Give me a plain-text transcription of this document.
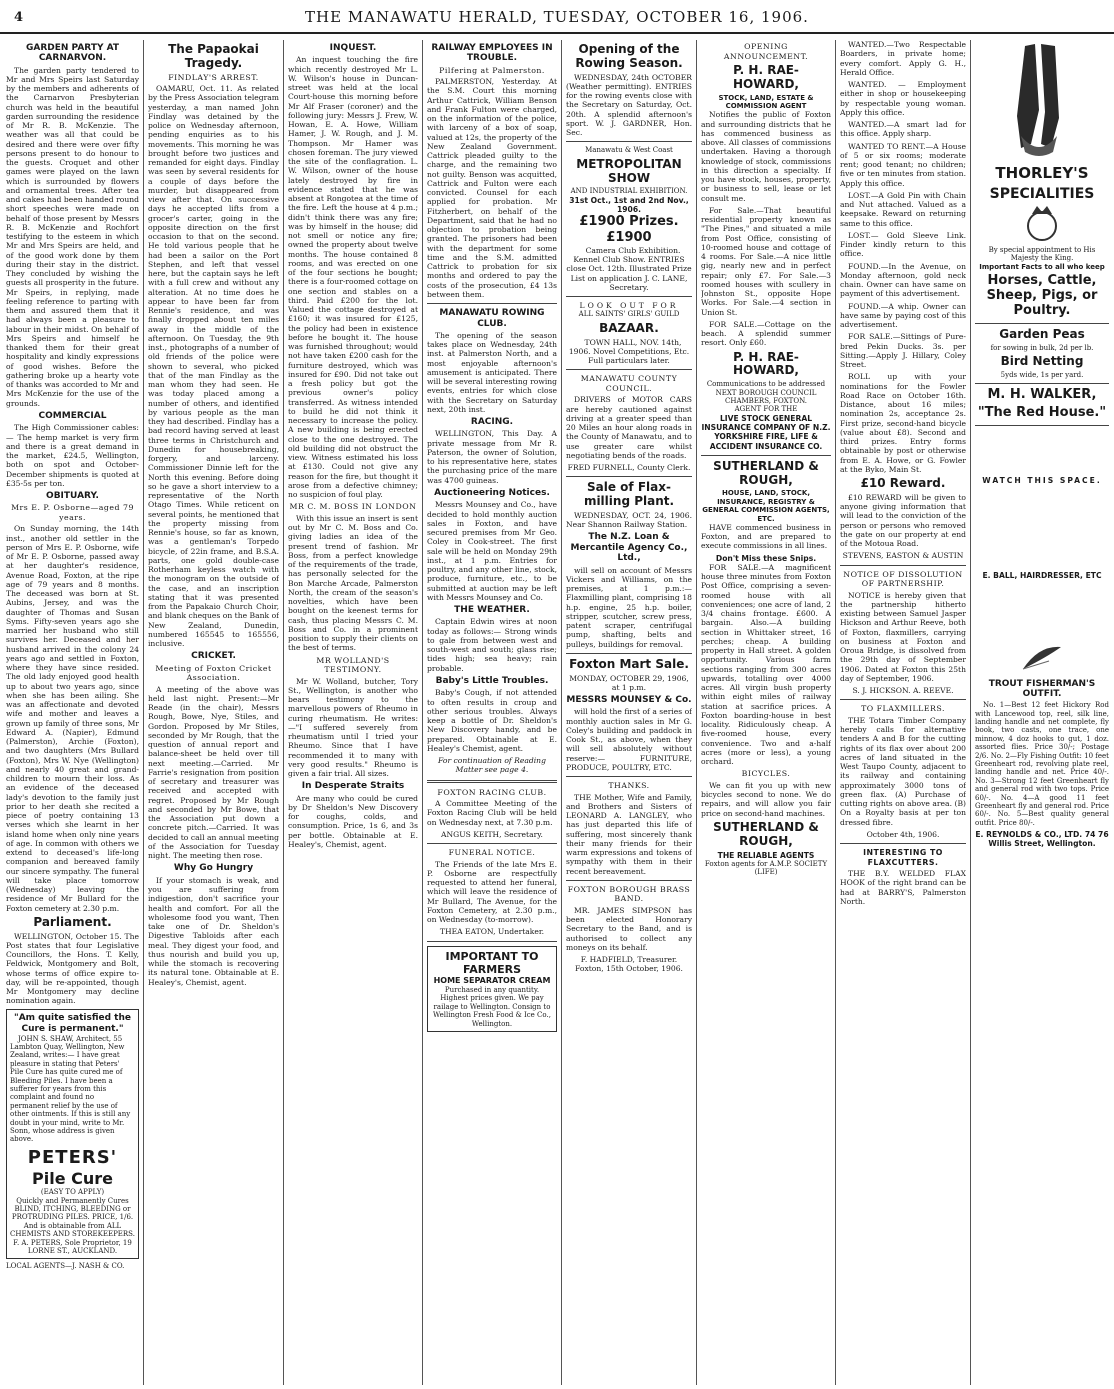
4	THE MANAWATU HERALD, TUESDAY, OCTOBER 16, 1906.
GARDEN PARTY AT CARNARVON.

The garden party tendered to Mr and Mrs Speirs last Saturday by the members and adherents of the Carnarvon Presbyterian church was held in the beautiful garden surrounding the residence of Mr R. B. McKenzie. The weather was all that could be desired and there were over fifty persons present to do honour to the guests. Croquet and other games were played on the lawn which is surrounded by flowers and ornamental trees. After tea and cakes had been handed round short speeches were made on behalf of those present by Messrs R. B. McKenzie and Rochfort testifying to the esteem in which Mr and Mrs Speirs are held, and of the good work done by them during their stay in the district. They concluded by wishing the guests all prosperity in the future. Mr Speirs, in replying, made feeling reference to parting with them and assured them that it had always been a pleasure to labour in their midst. On behalf of Mrs Speirs and himself he thanked them for their great hospitality and kindly expressions of good wishes. Before the gathering broke up a hearty vote of thanks was accorded to Mr and Mrs McKenzie for the use of the grounds.

COMMERCIAL

The High Commissioner cables:— The hemp market is very firm and there is a great demand in the market, £24.5, Wellington, both on spot and October-December shipments is quoted at £35-5s per ton.

OBITUARY.
Mrs E. P. Osborne—aged 79 years.

On Sunday morning, the 14th inst., another old settler in the person of Mrs E. P. Osborne, wife of Mr E. P. Osborne, passed away at her daughter's residence, Avenue Road, Foxton, at the ripe age of 79 years and 8 months. The deceased was born at St. Aubins, Jersey, and was the daughter of Thomas and Susan Syms. Fifty-seven years ago she married her husband who still survives her. Deceased and her husband arrived in the colony 24 years ago and settled in Foxton, where they have since resided. The old lady enjoyed good health up to about two years ago, since when she has been ailing. She was an affectionate and devoted wife and mother and leaves a grown up family of three sons, Mr Edward A. (Napier), Edmund (Palmerston), Archie (Foxton), and two daughters (Mrs Bullard (Foxton), Mrs W. Nye (Wellington) and nearly 40 great and grand-children to mourn their loss. As an evidence of the deceased lady's devotion to the family just prior to her death she recited a piece of poetry containing 13 verses which she learnt in her island home when only nine years of age. In common with others we extend to deceased's life-long companion and bereaved family our sincere sympathy. The funeral will take place tomorrow (Wednesday) leaving the residence of Mr Bullard for the Foxton cemetery at 2.30 p.m.

Parliament.

WELLINGTON, October 15. The Post states that four Legislative Councillors, the Hons. T. Kelly, Feldwick, Montgomery and Bolt, whose terms of office expire to-day, will be re-appointed, though Mr Montgomery may decline nomination again.

"Am quite satisfied the Cure is permanent."

JOHN S. SHAW, Architect, 55 Lambton Quay, Wellington, New Zealand, writes:— I have great pleasure in stating that Peters' Pile Cure has quite cured me of Bleeding Piles. I have been a sufferer for years from this complaint and found no permanent relief by the use of other ointments. If this is still any doubt in your mind, write to Mr. Sonn, whose address is given above.

PETERS'
Pile Cure
(EASY TO APPLY)
Quickly and Permanently Cures BLIND, ITCHING, BLEEDING or PROTRUDING PILES. PRICE, 1/6. And is obtainable from ALL CHEMISTS AND STOREKEEPERS. F. A. PETERS, Sole Proprietor, 19 LORNE ST., AUCKLAND.
LOCAL AGENTS—J. NASH & CO.
The Papaokai Tragedy.
FINDLAY'S ARREST.

OAMARU, Oct. 11. As related by the Press Association telegram yesterday, a man named John Findlay was detained by the police on Wednesday afternoon, pending enquiries as to his movements. This morning he was brought before two justices and remanded for eight days. Findlay was seen by several residents for a couple of days before the murder, but disappeared from view after that. On successive days he accepted lifts from a grocer's carter, going in the opposite direction on the first occasion to that on the second. He told various people that he had been a sailor on the Port Stephen, and left that vessel here, but the captain says he left with a full crew and without any alteration. At no time does he appear to have been far from Rennie's residence, and was finally dropped about ten miles away in the middle of the afternoon. On Tuesday, the 9th inst., photographs of a number of old friends of the police were shown to several, who picked that of the man Findlay as the man whom they had seen. He was today placed among a number of others, and identified by various people as the man they had described. Findlay has a bad record having served at least three terms in Christchurch and Dunedin for housebreaking, forgery, and larceny. Commissioner Dinnie left for the North this evening. Before doing so he gave a short interview to a representative of the North Otago Times. While reticent on several points, he mentioned that the property missing from Rennie's house, so far as known, was a gentleman's Torpedo bicycle, of 22in frame, and B.S.A. parts, one gold double-case Rotherham keyless watch with the monogram on the outside of the case, and an inscription stating that it was presented from the Papakaio Church Choir, and blank cheques on the Bank of New Zealand, Dunedin, numbered 165545 to 165556, inclusive.

CRICKET.
Meeting of Foxton Cricket Association.

A meeting of the above was held last night. Present:—Mr Reade (in the chair), Messrs Rough, Bowe, Nye, Stiles, and Gordon. Proposed by Mr Stiles, seconded by Mr Rough, that the question of annual report and balance-sheet be held over till next meeting.—Carried. Mr Farrie's resignation from position of secretary and treasurer was received and accepted with regret. Proposed by Mr Rough and seconded by Mr Bowe, that the Association put down a concrete pitch.—Carried. It was decided to call an annual meeting of the Association for Tuesday night. The meeting then rose.

Why Go Hungry

If your stomach is weak, and you are suffering from indigestion, don't sacrifice your health and comfort. For all the wholesome food you want, Then take one of Dr. Sheldon's Digestive Tabloids after each meal. They digest your food, and thus nourish and build you up, while the stomach is recovering its natural tone. Obtainable at E. Healey's, Chemist, agent.

INQUEST.

An inquest touching the fire which recently destroyed Mr L. W. Wilson's house in Duncan-street was held at the local Court-house this morning before Mr Alf Fraser (coroner) and the following jury: Messrs J. Frew, W. Howan, E. A. Howe, William Hamer, J. W. Rough, and J. M. Thompson. Mr Hamer was chosen foreman. The jury viewed the site of the conflagration. L. W. Wilson, owner of the house lately destroyed by fire in evidence stated that he was absent at Rongotea at the time of the fire. Left the house at 4 p.m.; didn't think there was any fire; was by himself in the house; did not smell or notice any fire; owned the property about twelve months. The house contained 8 rooms, and was erected on one of the four sections he bought; there is a four-roomed cottage on one section and stables on a third. Paid £200 for the lot. Valued the cottage destroyed at £160; it was insured for £125, the policy had been in existence before he bought it. The house was furnished throughout; would not have taken £200 cash for the furniture destroyed, which was insured for £90. Did not take out a fresh policy but got the previous owner's policy transferred. As witness intended to build he did not think it necessary to increase the policy. A new building is being erected close to the one destroyed. The old building did not obstruct the view. Witness estimated his loss at £130. Could not give any reason for the fire, but thought it arose from a defective chimney; no suspicion of foul play.

MR C. M. BOSS IN LONDON

With this issue an insert is sent out by Mr C. M. Boss and Co. giving ladies an idea of the present trend of fashion. Mr Boss, from a perfect knowledge of the requirements of the trade, has personally selected for the Bon Marche Arcade, Palmerston North, the cream of the season's novelties, which have been bought on the keenest terms for cash, thus placing Messrs C. M. Boss and Co. in a prominent position to supply their clients on the best of terms.

MR WOLLAND'S TESTIMONY.

Mr W. Wolland, butcher, Tory St., Wellington, is another who bears testimony to the marvellous powers of Rheumo in curing rheumatism. He writes:—"I suffered severely from rheumatism until I tried your Rheumo. Since that I have recommended it to many with very good results." Rheumo is given a fair trial. All sizes.

In Desperate Straits

Are many who could be cured by Dr Sheldon's New Discovery for coughs, colds, and consumption. Price, 1s 6, and 3s per bottle. Obtainable at E. Healey's, Chemist, agent.

RAILWAY EMPLOYEES IN TROUBLE.
Pilfering at Palmerston.

PALMERSTON, Yesterday. At the S.M. Court this morning Arthur Cattrick, William Benson and Frank Fulton were charged, on the information of the police, with larceny of a box of soap, valued at 12s, the property of the New Zealand Government. Cattrick pleaded guilty to the charge, and the remaining two not guilty. Benson was acquitted, Cattrick and Fulton were each convicted. Counsel for each applied for probation. Mr Fitzherbert, on behalf of the Department, said that he had no objection to probation being granted. The prisoners had been with the department for some time and the S.M. admitted Cattrick to probation for six months and ordered to pay the costs of the prosecution, £4 13s between them.

MANAWATU ROWING CLUB.

The opening of the season takes place on Wednesday, 24th inst. at Palmerston North, and a most enjoyable afternoon's amusement is anticipated. There will be several interesting rowing events, entries for which close with the Secretary on Saturday next, 20th inst.

RACING.

WELLINGTON, This Day. A private message from Mr R. Paterson, the owner of Solution, to his representative here, states the purchasing price of the mare was 4700 guineas.

Auctioneering Notices.

Messrs Mounsey and Co., have decided to hold monthly auction sales in Foxton, and have secured premises from Mr Geo. Coley in Cook-street. The first sale will be held on Monday 29th inst., at 1 p.m. Entries for poultry, and any other line, stock, produce, furniture, etc., to be submitted at auction may be left with Messrs Mounsey and Co.

THE WEATHER.

Captain Edwin wires at noon today as follows:— Strong winds to gale from between west and south-west and south; glass rise; tides high; sea heavy; rain probable.

Baby's Little Troubles.

Baby's Cough, if not attended to often results in croup and other serious troubles. Always keep a bottle of Dr. Sheldon's New Discovery handy, and be prepared. Obtainable at E. Healey's Chemist, agent.

For continuation of Reading Matter see page 4.
FOXTON RACING CLUB.

A Committee Meeting of the Foxton Racing Club will be held on Wednesday next, at 7.30 p.m.

ANGUS KEITH, Secretary.
FUNERAL NOTICE.

The Friends of the late Mrs E. P. Osborne are respectfully requested to attend her funeral, which will leave the residence of Mr Bullard, The Avenue, for the Foxton Cemetery, at 2.30 p.m., on Wednesday (to-morrow).

THEA EATON, Undertaker.
IMPORTANT TO FARMERS
HOME SEPARATOR CREAM
Purchased in any quantity. Highest prices given. We pay railage to Wellington. Consign to Wellington Fresh Food & Ice Co., Wellington.
Opening of the Rowing Season.

WEDNESDAY, 24th OCTOBER (Weather permitting). ENTRIES for the rowing events close with the Secretary on Saturday, Oct. 20th. A splendid afternoon's sport. W. J. GARDNER, Hon. Sec.

Manawatu & West Coast
METROPOLITAN SHOW
AND INDUSTRIAL EXHIBITION.
31st Oct., 1st and 2nd Nov., 1906.
£1900 Prizes. £1900

Camera Club Exhibition. Kennel Club Show. ENTRIES close Oct. 12th. Illustrated Prize List on application J. C. LANE, Secretary.

LOOK OUT FOR
ALL SAINTS' GIRLS' GUILD
BAZAAR.

TOWN HALL, NOV. 14th, 1906. Novel Competitions, Etc. Full particulars later.

MANAWATU COUNTY COUNCIL.

DRIVERS of MOTOR CARS are hereby cautioned against driving at a greater speed than 20 Miles an hour along roads in the County of Manawatu, and to use greater care whilst negotiating bends of the roads.

FRED FURNELL, County Clerk.
Sale of Flax-milling Plant.

WEDNESDAY, OCT. 24, 1906. Near Shannon Railway Station.

The N.Z. Loan & Mercantile Agency Co., Ltd.,

will sell on account of Messrs Vickers and Williams, on the premises, at 1 p.m.:— Flaxmilling plant, comprising 18 h.p. engine, 25 h.p. boiler, stripper, scutcher, screw press, patent scraper, centrifugal pump, shafting, belts and pulleys, buildings for removal.

Foxton Mart Sale.
MONDAY, OCTOBER 29, 1906, at 1 p.m.
MESSRS MOUNSEY & Co.

will hold the first of a series of monthly auction sales in Mr G. Coley's building and paddock in Cook St., as above, when they will sell absolutely without reserve:— FURNITURE, PRODUCE, POULTRY, ETC.

THANKS.

THE Mother, Wife and Family, and Brothers and Sisters of LEONARD A. LANGLEY, who has just departed this life of suffering, most sincerely thank their many friends for their warm expressions and tokens of sympathy with them in their recent bereavement.

FOXTON BOROUGH BRASS BAND.

MR. JAMES SIMPSON has been elected Honorary Secretary to the Band, and is authorised to collect any moneys on its behalf.

F. HADFIELD, Treasurer. Foxton, 15th October, 1906.
OPENING ANNOUNCEMENT.
P. H. RAE-HOWARD,
STOCK, LAND, ESTATE & COMMISSION AGENT

Notifies the public of Foxton and surrounding districts that he has commenced business as above. All classes of commissions undertaken. Having a thorough knowledge of stock, commissions in this direction a specialty. If you have stock, houses, property, or business to sell, lease or let consult me.

For Sale.—That beautiful residential property known as "The Pines," and situated a mile from Post Office, consisting of 10-roomed house and cottage of 4 rooms. For Sale.—A nice little gig, nearly new and in perfect repair; only £7. For Sale.—3 roomed houses with scullery in Johnston St., opposite Hope Works. For Sale.—4 section in Union St.

FOR SALE.—Cottage on the beach. A splendid summer resort. Only £60.

P. H. RAE-HOWARD,
Communications to be addressed NEXT BOROUGH COUNCIL CHAMBERS, FOXTON.
AGENT FOR THE
LIVE STOCK GENERAL INSURANCE COMPANY OF N.Z.
YORKSHIRE FIRE, LIFE & ACCIDENT INSURANCE CO.
SUTHERLAND & ROUGH,
HOUSE, LAND, STOCK, INSURANCE, REGISTRY & GENERAL COMMISSION AGENTS, ETC.

HAVE commenced business in Foxton, and are prepared to execute commissions in all lines.

Don't Miss these Snips.

FOR SALE.—A magnificent house three minutes from Foxton Post Office, comprising a seven-roomed house with all conveniences; one acre of land, 2 3/4 chains frontage. £600. A bargain. Also.—A building section in Whittaker street, 16 perches; cheap. A building property in Hall street. A golden opportunity. Various farm sections ranging from 300 acres upwards, totalling over 4000 acres. All virgin bush property within eight miles of railway station at sacrifice prices. A Foxton boarding-house in best locality. Ridiculously cheap. A five-roomed house, every convenience. Two and a-half acres (more or less), a young orchard.

BICYCLES.

We can fit you up with new bicycles second to none. We do repairs, and will allow you fair price on second-hand machines.

SUTHERLAND & ROUGH,
THE RELIABLE AGENTS
Foxton agents for A.M.P. SOCIETY (LIFE)

WANTED.—Two Respectable Boarders, in private home; every comfort. Apply G. H., Herald Office.

WANTED. — Employment either in shop or housekeeping by respectable young woman. Apply this office.

WANTED.—A smart lad for this office. Apply sharp.

WANTED TO RENT.—A House of 5 or six rooms; moderate rent; good tenant; no children; five or ten minutes from station. Apply this office.

LOST.—A Gold Pin with Chain and Nut attached. Valued as a keepsake. Reward on returning same to this office.

LOST.— Gold Sleeve Link. Finder kindly return to this office.

FOUND.—In the Avenue, on Monday afternoon, gold neck chain. Owner can have same on payment of this advertisement.

FOUND.—A whip. Owner can have same by paying cost of this advertisement.

FOR SALE.—Sittings of Pure-bred Pekin Ducks. 3s. per Sitting.—Apply J. Hillary, Coley Street.

ROLL up with your nominations for the Fowler Road Race on October 16th. Distance, about 16 miles; nomination 2s, acceptance 2s. First prize, second-hand bicycle (value about £8). Second and third prizes. Entry forms obtainable by post or otherwise from E. A. Howe, or G. Fowler at the Byko, Main St.

£10 Reward.

£10 REWARD will be given to anyone giving information that will lead to the conviction of the person or persons who removed the gate on our property at end of the Motoua Road.

STEVENS, EASTON & AUSTIN
NOTICE OF DISSOLUTION OF PARTNERSHIP.

NOTICE is hereby given that the partnership hitherto existing between Samuel Jasper Hickson and Arthur Reeve, both of Foxton, flaxmillers, carrying on business at Foxton and Oroua Bridge, is dissolved from the 29th day of September 1906. Dated at Foxton this 25th day of September, 1906.

S. J. HICKSON. A. REEVE.
TO FLAXMILLERS.

THE Totara Timber Company hereby calls for alternative tenders A and B for the cutting rights of its flax over about 200 acres of land situated in the West Taupo County, adjacent to its railway and containing approximately 3000 tons of green flax. (A) Purchase of cutting rights on above area. (B) On a Royalty basis at per ton dressed fibre.

October 4th, 1906.
INTERESTING TO FLAXCUTTERS.

THE B.Y. WELDED FLAX HOOK of the right brand can be had at BARRY'S, Palmerston North.

THORLEY'S
SPECIALITIES
By special appointment to His Majesty the King.
Important Facts to all who keep
Horses, Cattle, Sheep, Pigs, or Poultry.
Garden Peas
for sowing in bulk, 2d per lb.
Bird Netting
5yds wide, 1s per yard.
M. H. WALKER,
"The Red House."
WATCH THIS SPACE.
E. BALL, HAIRDRESSER, ETC
TROUT FISHERMAN'S OUTFIT.

No. 1—Best 12 feet Hickory Rod with Lancewood top, reel, silk line, landing handle and net complete, fly book, two casts, one trace, one minnow, 4 doz hooks to gut, 1 doz. assorted flies. Price 30/-; Postage 2/6. No. 2—Fly Fishing Outfit: 10 feet Greenheart rod, revolving plate reel, landing handle and net. Price 40/-. No. 3—Strong 12 feet Greenheart fly and general rod with two tops. Price 60/-. No. 4—A good 11 feet Greenheart fly and general rod. Price 60/-. No. 5—Best quality general outfit. Price 80/-.

E. REYNOLDS & CO., LTD. 74 76 Willis Street, Wellington.
